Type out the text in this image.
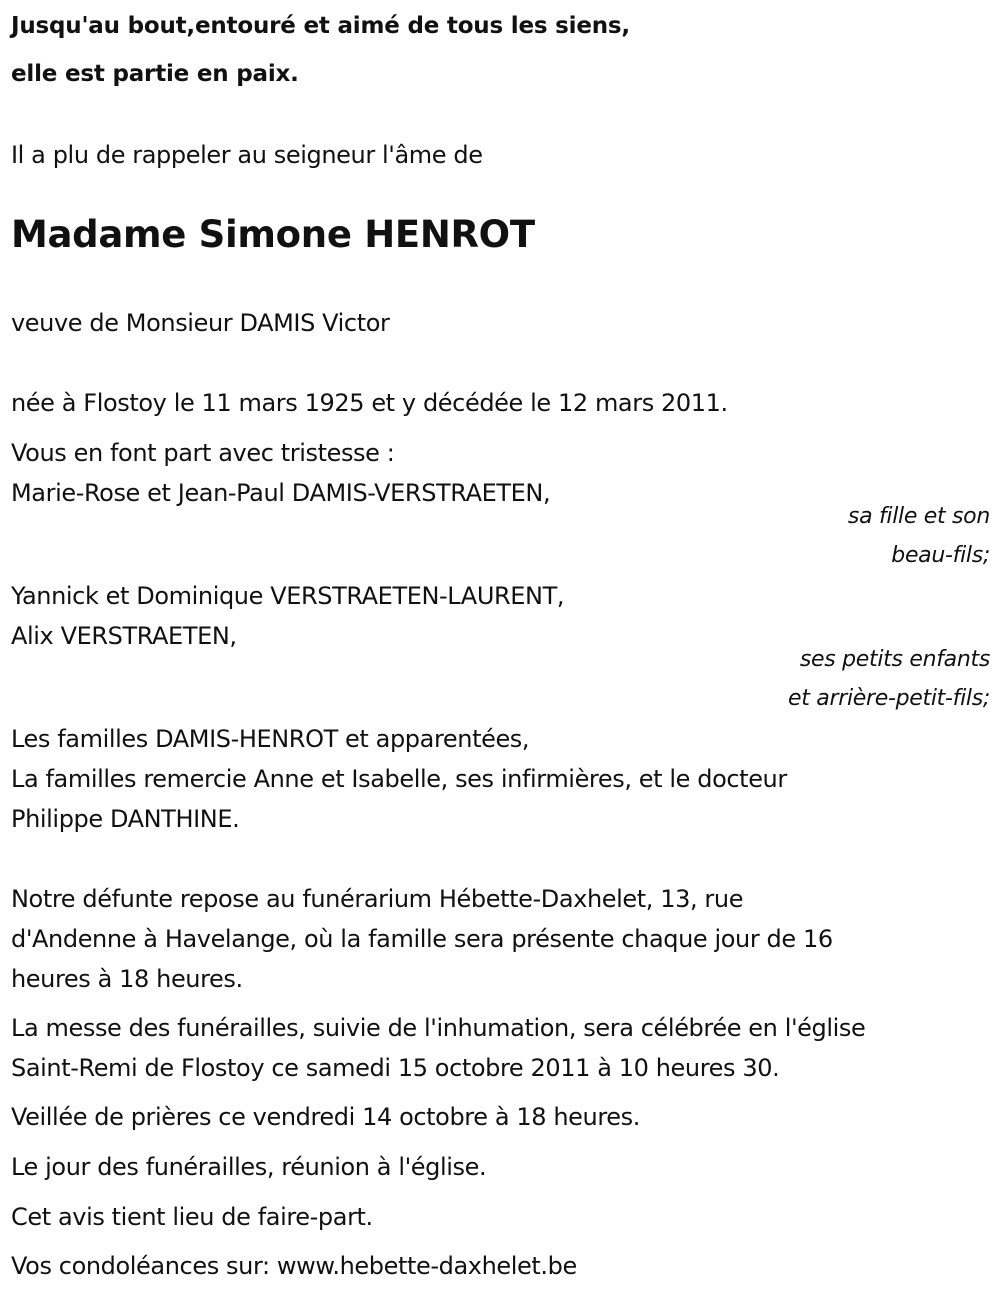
Jusqu'au bout,entouré et aimé de tous les siens,

elle est partie en paix.

Il a plu de rappeler au seigneur l'âme de

Madame Simone HENROT

veuve de Monsieur DAMIS Victor

née à Flostoy le 11 mars 1925 et y décédée le 12 mars 2011.

Vous en font part avec tristesse :

Marie-Rose et Jean-Paul DAMIS-VERSTRAETEN,

sa fille et son

beau-fils;

Yannick et Dominique VERSTRAETEN-LAURENT,

Alix VERSTRAETEN,

ses petits enfants

et arrière-petit-fils;

Les familles DAMIS-HENROT et apparentées,

La familles remercie Anne et Isabelle, ses infirmières, et le docteur

Philippe DANTHINE.

Notre défunte repose au funérarium Hébette-Daxhelet, 13, rue

d'Andenne à Havelange, où la famille sera présente chaque jour de 16

heures à 18 heures.

La messe des funérailles, suivie de l'inhumation, sera célébrée en l'église

Saint-Remi de Flostoy ce samedi 15 octobre 2011 à 10 heures 30.

Veillée de prières ce vendredi 14 octobre à 18 heures.

Le jour des funérailles, réunion à l'église.

Cet avis tient lieu de faire-part.

Vos condoléances sur: www.hebette-daxhelet.be
